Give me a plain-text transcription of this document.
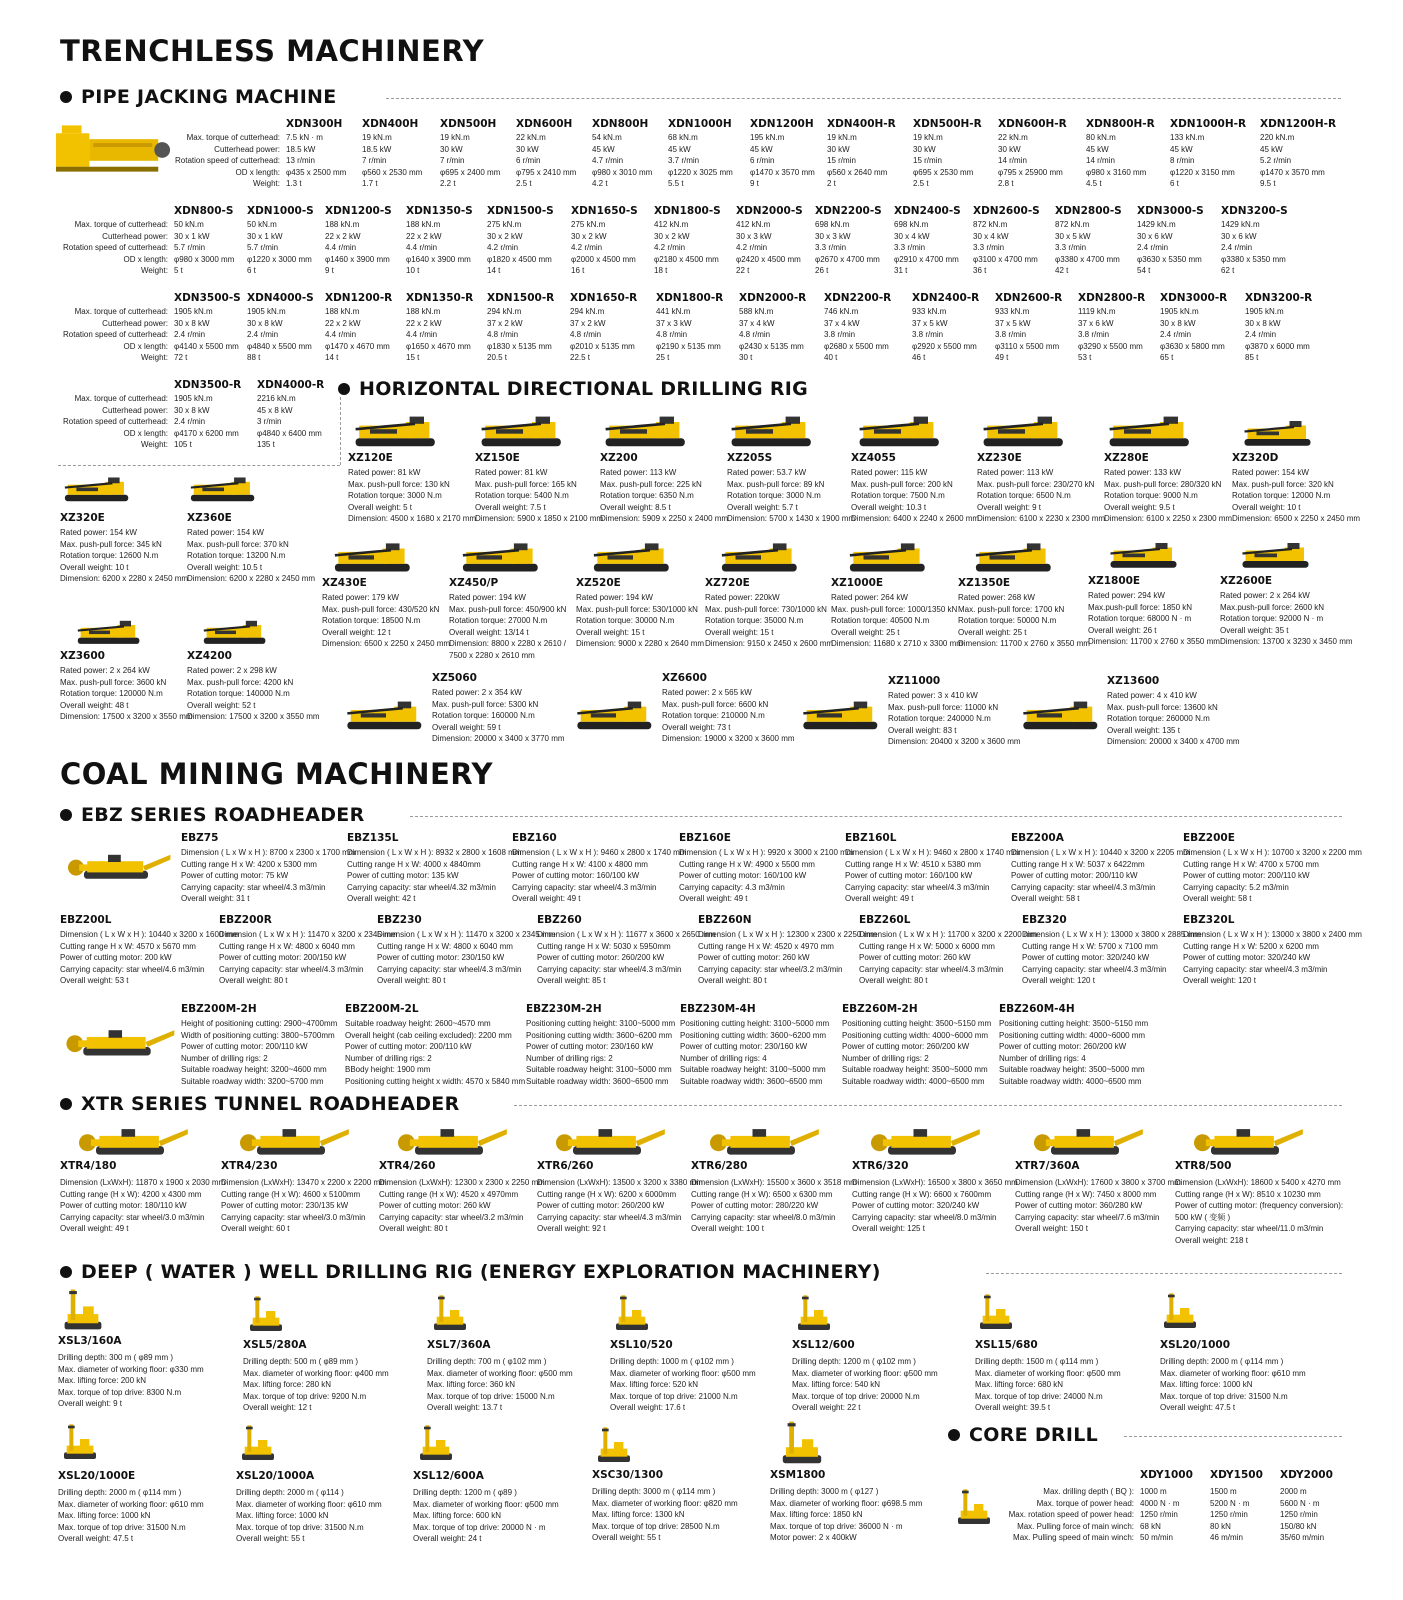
TRENCHLESS MACHINERY
PIPE JACKING MACHINE
Max. torque of cutterhead:
Cutterhead power:
Rotation speed of cutterhead:
OD x length:
Weight:
XDN300H
7.5 kN · m
18.5 kW
13 r/min
φ435 x 2500 mm
1.3 t
XDN400H
19 kN.m
18.5 kW
7 r/min
φ560 x 2530 mm
1.7 t
XDN500H
19 kN.m
30 kW
7 r/min
φ695 x 2400 mm
2.2 t
XDN600H
22 kN.m
30 kW
6 r/min
φ795 x 2410 mm
2.5 t
XDN800H
54 kN.m
45 kW
4.7 r/min
φ980 x 3010 mm
4.2 t
XDN1000H
68 kN.m
45 kW
3.7 r/min
φ1220 x 3025 mm
5.5 t
XDN1200H
195 kN.m
45 kW
6 r/min
φ1470 x 3570 mm
9 t
XDN400H-R
19 kN.m
30 kW
15 r/min
φ560 x 2640 mm
2 t
XDN500H-R
19 kN.m
30 kW
15 r/min
φ695 x 2530 mm
2.5 t
XDN600H-R
22 kN.m
30 kW
14 r/min
φ795 x 25900 mm
2.8 t
XDN800H-R
80 kN.m
45 kW
14 r/min
φ980 x 3160 mm
4.5 t
XDN1000H-R
133 kN.m
45 kW
8 r/min
φ1220 x 3150 mm
6 t
XDN1200H-R
220 kN.m
45 kW
5.2 r/min
φ1470 x 3570 mm
9.5 t
Max. torque of cutterhead:
Cutterhead power:
Rotation speed of cutterhead:
OD x length:
Weight:
XDN800-S
50 kN.m
30 x 1 kW
5.7 r/min
φ980 x 3000 mm
5 t
XDN1000-S
50 kN.m
30 x 1 kW
5.7 r/min
φ1220 x 3000 mm
6 t
XDN1200-S
188 kN.m
22 x 2 kW
4.4 r/min
φ1460 x 3900 mm
9 t
XDN1350-S
188 kN.m
22 x 2 kW
4.4 r/min
φ1640 x 3900 mm
10 t
XDN1500-S
275 kN.m
30 x 2 kW
4.2 r/min
φ1820 x 4500 mm
14 t
XDN1650-S
275 kN.m
30 x 2 kW
4.2 r/min
φ2000 x 4500 mm
16 t
XDN1800-S
412 kN.m
30 x 2 kW
4.2 r/min
φ2180 x 4500 mm
18 t
XDN2000-S
412 kN.m
30 x 3 kW
4.2 r/min
φ2420 x 4500 mm
22 t
XDN2200-S
698 kN.m
30 x 3 kW
3.3 r/min
φ2670 x 4700 mm
26 t
XDN2400-S
698 kN.m
30 x 4 kW
3.3 r/min
φ2910 x 4700 mm
31 t
XDN2600-S
872 kN.m
30 x 4 kW
3.3 r/min
φ3100 x 4700 mm
36 t
XDN2800-S
872 kN.m
30 x 5 kW
3.3 r/min
φ3380 x 4700 mm
42 t
XDN3000-S
1429 kN.m
30 x 6 kW
2.4 r/min
φ3630 x 5350 mm
54 t
XDN3200-S
1429 kN.m
30 x 6 kW
2.4 r/min
φ3380 x 5350 mm
62 t
Max. torque of cutterhead:
Cutterhead power:
Rotation speed of cutterhead:
OD x length:
Weight:
XDN3500-S
1905 kN.m
30 x 8 kW
2.4 r/min
φ4140 x 5500 mm
72 t
XDN4000-S
1905 kN.m
30 x 8 kW
2.4 r/min
φ4840 x 5500 mm
88 t
XDN1200-R
188 kN.m
22 x 2 kW
4.4 r/min
φ1470 x 4670 mm
14 t
XDN1350-R
188 kN.m
22 x 2 kW
4.4 r/min
φ1650 x 4670 mm
15 t
XDN1500-R
294 kN.m
37 x 2 kW
4.8 r/min
φ1830 x 5135 mm
20.5 t
XDN1650-R
294 kN.m
37 x 2 kW
4.8 r/min
φ2010 x 5135 mm
22.5 t
XDN1800-R
441 kN.m
37 x 3 kW
4.8 r/min
φ2190 x 5135 mm
25 t
XDN2000-R
588 kN.m
37 x 4 kW
4.8 r/min
φ2430 x 5135 mm
30 t
XDN2200-R
746 kN.m
37 x 4 kW
3.8 r/min
φ2680 x 5500 mm
40 t
XDN2400-R
933 kN.m
37 x 5 kW
3.8 r/min
φ2920 x 5500 mm
46 t
XDN2600-R
933 kN.m
37 x 5 kW
3.8 r/min
φ3110 x 5500 mm
49 t
XDN2800-R
1119 kN.m
37 x 6 kW
3.8 r/min
φ3290 x 5500 mm
53 t
XDN3000-R
1905 kN.m
30 x 8 kW
2.4 r/min
φ3630 x 5800 mm
65 t
XDN3200-R
1905 kN.m
30 x 8 kW
2.4 r/min
φ3870 x 6000 mm
85 t
Max. torque of cutterhead:
Cutterhead power:
Rotation speed of cutterhead:
OD x length:
Weight:
XDN3500-R
1905 kN.m
30 x 8 kW
2.4 r/min
φ4170 x 6200 mm
105 t
XDN4000-R
2216 kN.m
45 x 8 kW
3 r/min
φ4840 x 6400 mm
135 t
HORIZONTAL DIRECTIONAL DRILLING RIG
XZ120E
Rated power: 81 kW
Max. push-pull force: 130 kN
Rotation torque: 3000 N.m
Overall weight: 5 t
Dimension: 4500 x 1680 x 2170 mm
XZ150E
Rated power: 81 kW
Max. push-pull force: 165 kN
Rotation torque: 5400 N.m
Overall weight: 7.5 t
Dimension: 5900 x 1850 x 2100 mm
XZ200
Rated power: 113 kW
Max. push-pull force: 225 kN
Rotation torque: 6350 N.m
Overall weight: 8.5 t
Dimension: 5909 x 2250 x 2400 mm
XZ205S
Rated power: 53.7 kW
Max. push-pull force: 89 kN
Rotation torque: 3000 N.m
Overall weight: 5.7 t
Dimension: 5700 x 1430 x 1900 mm
XZ4055
Rated power: 115 kW
Max. push-pull force: 200 kN
Rotation torque: 7500 N.m
Overall weight: 10.3 t
Dimension: 6400 x 2240 x 2600 mm
XZ230E
Rated power: 113 kW
Max. push-pull force: 230/270 kN
Rotation torque: 6500 N.m
Overall weight: 9 t
Dimension: 6100 x 2230 x 2300 mm
XZ280E
Rated power: 133 kW
Max. push-pull force: 280/320 kN
Rotation torque: 9000 N.m
Overall weight: 9.5 t
Dimension: 6100 x 2250 x 2300 mm
XZ320D
Rated power: 154 kW
Max. push-pull force: 320 kN
Rotation torque: 12000 N.m
Overall weight: 10 t
Dimension: 6500 x 2250 x 2450 mm
XZ320E
Rated power: 154 kW
Max. push-pull force: 345 kN
Rotation torque: 12600 N.m
Overall weight: 10 t
Dimension: 6200 x 2280 x 2450 mm
XZ360E
Rated power: 154 kW
Max. push-pull force: 370 kN
Rotation torque: 13200 N.m
Overall weight: 10.5 t
Dimension: 6200 x 2280 x 2450 mm XZ430E
Rated power: 179 kW
Max. push-pull force: 430/520 kN
Rotation torque: 18500 N.m
Overall weight: 12 t
Dimension: 6500 x 2250 x 2450 mm
XZ450/P
Rated power: 194 kW
Max. push-pull force: 450/900 kN
Rotation torque: 27000 N.m
Overall weight: 13/14 t
Dimension: 8800 x 2280 x 2610 /
7500 x 2280 x 2610 mm
XZ520E
Rated power: 194 kW
Max. push-pull force: 530/1000 kN
Rotation torque: 30000 N.m
Overall weight: 15 t
Dimension: 9000 x 2280 x 2640 mm
XZ720E
Rated power: 220kW
Max. push-pull force: 730/1000 kN
Rotation torque: 35000 N.m
Overall weight: 15 t
Dimension: 9150 x 2450 x 2600 mm
XZ1000E
Rated power: 264 kW
Max. push-pull force: 1000/1350 kN
Rotation torque: 40500 N.m
Overall weight: 25 t
Dimension: 11680 x 2710 x 3300 mm
XZ1350E
Rated power: 268 kW
Max. push-pull force: 1700 kN
Rotation torque: 50000 N.m
Overall weight: 25 t
Dimension: 11700 x 2760 x 3550 mm
XZ1800E
Rated power: 294 kW
Max.push-pull force: 1850 kN
Rotation torque: 68000 N · m
Overall weight: 26 t
Dimension: 11700 x 2760 x 3550 mm
XZ2600E
Rated power: 2 x 264 kW
Max.push-pull force: 2600 kN
Rotation torque: 92000 N · m
Overall weight: 35 t
Dimension: 13700 x 3230 x 3450 mm
XZ3600
Rated power: 2 x 264 kW
Max. push-pull force: 3600 kN
Rotation torque: 120000 N.m
Overall weight: 48 t
Dimension: 17500 x 3200 x 3550 mm
XZ4200
Rated power: 2 x 298 kW
Max. push-pull force: 4200 kN
Rotation torque: 140000 N.m
Overall weight: 52 t
Dimension: 17500 x 3200 x 3550 mm
XZ5060
Rated power: 2 x 354 kW
Max. push-pull force: 5300 kN
Rotation torque: 160000 N.m
Overall weight: 59 t
Dimension: 20000 x 3400 x 3770 mm
XZ6600
Rated power: 2 x 565 kW
Max. push-pull force: 6600 kN
Rotation torque: 210000 N.m
Overall weight: 73 t
Dimension: 19000 x 3200 x 3600 mm
XZ11000
Rated power: 3 x 410 kW
Max. push-pull force: 11000 kN
Rotation torque: 240000 N.m
Overall weight: 83 t
Dimension: 20400 x 3200 x 3600 mm
XZ13600
Rated power: 4 x 410 kW
Max. push-pull force: 13600 kN
Rotation torque: 260000 N.m
Overall weight: 135 t
Dimension: 20000 x 3400 x 4700 mm
COAL MINING MACHINERY
EBZ SERIES ROADHEADER
EBZ75
Dimension ( L x W x H ): 8700 x 2300 x 1700 mm
Cutting range H x W: 4200 x 5300 mm
Power of cutting motor: 75 kW
Carrying capacity: star wheel/4.3 m3/min
Overall weight: 31 t
EBZ135L
Dimension ( L x W x H ): 8932 x 2800 x 1608 mm
Cutting range H x W: 4000 x 4840mm
Power of cutting motor: 135 kW
Carrying capacity: star wheel/4.32 m3/min
Overall weight: 42 t
EBZ160
Dimension ( L x W x H ): 9460 x 2800 x 1740 mm
Cutting range H x W: 4100 x 4800 mm
Power of cutting motor: 160/100 kW
Carrying capacity: star wheel/4.3 m3/min
Overall weight: 49 t
EBZ160E
Dimension ( L x W x H ): 9920 x 3000 x 2100 mm
Cutting range H x W: 4900 x 5500 mm
Power of cutting motor: 160/100 kW
Carrying capacity: 4.3 m3/min
Overall weight: 49 t
EBZ160L
Dimension ( L x W x H ): 9460 x 2800 x 1740 mm
Cutting range H x W: 4510 x 5380 mm
Power of cutting motor: 160/100 kW
Carrying capacity: star wheel/4.3 m3/min
Overall weight: 49 t
EBZ200A
Dimension ( L x W x H ): 10440 x 3200 x 2205 mm
Cutting range H x W: 5037 x 6422mm
Power of cutting motor: 200/110 kW
Carrying capacity: star wheel/4.3 m3/min
Overall weight: 58 t
EBZ200E
Dimension ( L x W x H ): 10700 x 3200 x 2200 mm
Cutting range H x W: 4700 x 5700 mm
Power of cutting motor: 200/110 kW
Carrying capacity: 5.2 m3/min
Overall weight: 58 t
EBZ200L
Dimension ( L x W x H ): 10440 x 3200 x 1600 mm
Cutting range H x W: 4570 x 5670 mm
Power of cutting motor: 200 kW
Carrying capacity: star wheel/4.6 m3/min
Overall weight: 53 t
EBZ200R
Dimension ( L x W x H ): 11470 x 3200 x 2345 mm
Cutting range H x W: 4800 x 6040 mm
Power of cutting motor: 200/150 kW
Carrying capacity: star wheel/4.3 m3/min
Overall weight: 80 t
EBZ230
Dimension ( L x W x H ): 11470 x 3200 x 2345 mm
Cutting range H x W: 4800 x 6040 mm
Power of cutting motor: 230/150 kW
Carrying capacity: star wheel/4.3 m3/min
Overall weight: 80 t
EBZ260
Dimension ( L x W x H ): 11677 x 3600 x 2650 mm
Cutting range H x W: 5030 x 5950mm
Power of cutting motor: 260/200 kW
Carrying capacity: star wheel/4.3 m3/min
Overall weight: 85 t
EBZ260N
Dimension ( L x W x H ): 12300 x 2300 x 2250 mm
Cutting range H x W: 4520 x 4970 mm
Power of cutting motor: 260 kW
Carrying capacity: star wheel/3.2 m3/min
Overall weight: 80 t
EBZ260L
Dimension ( L x W x H ): 11700 x 3200 x 2200 mm
Cutting range H x W: 5000 x 6000 mm
Power of cutting motor: 260 kW
Carrying capacity: star wheel/4.3 m3/min
Overall weight: 80 t
EBZ320
Dimension ( L x W x H ): 13000 x 3800 x 2885 mm
Cutting range H x W: 5700 x 7100 mm
Power of cutting motor: 320/240 kW
Carrying capacity: star wheel/4.3 m3/min
Overall weight: 120 t
EBZ320L
Dimension ( L x W x H ): 13000 x 3800 x 2400 mm
Cutting range H x W: 5200 x 6200 mm
Power of cutting motor: 320/240 kW
Carrying capacity: star wheel/4.3 m3/min
Overall weight: 120 t
EBZ200M-2H
Height of positioning cutting: 2900~4700mm
Width of positioning cutting: 3800~5700mm
Power of cutting motor: 200/110 kW
Number of drilling rigs: 2
Suitable roadway height: 3200~4600 mm
Suitable roadway width: 3200~5700 mm
EBZ200M-2L
Suitable roadway height: 2600~4570 mm
Overall height (cab ceiling excluded): 2200 mm
Power of cutting motor: 200/110 kW
Number of drilling rigs: 2
BBody height: 1900 mm
Positioning cutting height x width: 4570 x 5840 mm
EBZ230M-2H
Positioning cutting height: 3100~5000 mm
Positioning cutting width: 3600~6200 mm
Power of cutting motor: 230/160 kW
Number of drilling rigs: 2
Suitable roadway height: 3100~5000 mm
Suitable roadway width: 3600~6500 mm
EBZ230M-4H
Positioning cutting height: 3100~5000 mm
Positioning cutting width: 3600~6200 mm
Power of cutting motor: 230/160 kW
Number of drilling rigs: 4
Suitable roadway height: 3100~5000 mm
Suitable roadway width: 3600~6500 mm
EBZ260M-2H
Positioning cutting height: 3500~5150 mm
Positioning cutting width: 4000~6000 mm
Power of cutting motor: 260/200 kW
Number of drilling rigs: 2
Suitable roadway height: 3500~5000 mm
Suitable roadway width: 4000~6500 mm
EBZ260M-4H
Positioning cutting height: 3500~5150 mm
Positioning cutting width: 4000~6000 mm
Power of cutting motor: 260/200 kW
Number of drilling rigs: 4
Suitable roadway height: 3500~5000 mm
Suitable roadway width: 4000~6500 mm
XTR SERIES TUNNEL ROADHEADER
XTR4/180
Dimension (LxWxH): 11870 x 1900 x 2030 mm
Cutting range (H x W): 4200 x 4300 mm
Power of cutting motor: 180/110 kW
Carrying capacity: star wheel/3.0 m3/min
Overall weight: 49 t
XTR4/230
Dimension (LxWxH): 13470 x 2200 x 2200 mm
Cutting range (H x W): 4600 x 5100mm
Power of cutting motor: 230/135 kW
Carrying capacity: star wheel/3.0 m3/min
Overall weight: 60 t
XTR4/260
Dimension (LxWxH): 12300 x 2300 x 2250 mm
Cutting range (H x W): 4520 x 4970mm
Power of cutting motor: 260 kW
Carrying capacity: star wheel/3.2 m3/min
Overall weight: 80 t
XTR6/260
Dimension (LxWxH): 13500 x 3200 x 3380 mm
Cutting range (H x W): 6200 x 6000mm
Power of cutting motor: 260/200 kW
Carrying capacity: star wheel/4.3 m3/min
Overall weight: 92 t
XTR6/280
Dimension (LxWxH): 15500 x 3600 x 3518 mm
Cutting range (H x W): 6500 x 6300 mm
Power of cutting motor: 280/220 kW
Carrying capacity: star wheel/8.0 m3/min
Overall weight: 100 t
XTR6/320
Dimension (LxWxH): 16500 x 3800 x 3650 mm
Cutting range (H x W): 6600 x 7600mm
Power of cutting motor: 320/240 kW
Carrying capacity: star wheel/8.0 m3/min
Overall weight: 125 t
XTR7/360A
Dimension (LxWxH): 17600 x 3800 x 3700 mm
Cutting range (H x W): 7450 x 8000 mm
Power of cutting motor: 360/280 kW
Carrying capacity: star wheel/7.6 m3/min
Overall weight: 150 t
XTR8/500
Dimension (LxWxH): 18600 x 5400 x 4270 mm
Cutting range (H x W): 8510 x 10230 mm
Power of cutting motor: (frequency conversion):
500 kW ( 变频 )
Carrying capacity: star wheel/11.0 m3/min
Overall weight: 218 t
DEEP ( WATER ) WELL DRILLING RIG (ENERGY EXPLORATION MACHINERY)
XSL3/160A
Drilling depth: 300 m ( φ89 mm )
Max. diameter of working floor: φ330 mm
Max. lifting force: 200 kN
Max. torque of top drive: 8300 N.m
Overall weight: 9 t
XSL5/280A
Drilling depth: 500 m ( φ89 mm )
Max. diameter of working floor: φ400 mm
Max. lifting force: 280 kN
Max. torque of top drive: 9200 N.m
Overall weight: 12 t
XSL7/360A
Drilling depth: 700 m ( φ102 mm )
Max. diameter of working floor: φ500 mm
Max. lifting force: 360 kN
Max. torque of top drive: 15000 N.m
Overall weight: 13.7 t
XSL10/520
Drilling depth: 1000 m ( φ102 mm )
Max. diameter of working floor: φ500 mm
Max. lifting force: 520 kN
Max. torque of top drive: 21000 N.m
Overall weight: 17.6 t
XSL12/600
Drilling depth: 1200 m ( φ102 mm )
Max. diameter of working floor: φ500 mm
Max. lifting force: 540 kN
Max. torque of top drive: 20000 N.m
Overall weight: 22 t
XSL15/680
Drilling depth: 1500 m ( φ114 mm )
Max. diameter of working floor: φ500 mm
Max. lifting force: 680 kN
Max. torque of top drive: 24000 N.m
Overall weight: 39.5 t
XSL20/1000
Drilling depth: 2000 m ( φ114 mm )
Max. diameter of working floor: φ610 mm
Max. lifting force: 1000 kN
Max. torque of top drive: 31500 N.m
Overall weight: 47.5 t
XSL20/1000E
Drilling depth: 2000 m ( φ114 mm )
Max. diameter of working floor: φ610 mm
Max. lifting force: 1000 kN
Max. torque of top drive: 31500 N.m
Overall weight: 47.5 t
XSL20/1000A
Drilling depth: 2000 m ( φ114 )
Max. diameter of working floor: φ610 mm
Max. lifting force: 1000 kN
Max. torque of top drive: 31500 N.m
Overall weight: 55 t
XSL12/600A
Drilling depth: 1200 m ( φ89 )
Max. diameter of working floor: φ500 mm
Max. lifting force: 600 kN
Max. torque of top drive: 20000 N · m
Overall weight: 24 t
XSC30/1300
Drilling depth: 3000 m ( φ114 mm )
Max. diameter of working floor: φ820 mm
Max. lifting force: 1300 kN
Max. torque of top drive: 28500 N.m
Overall weight: 55 t
XSM1800
Drilling depth: 3000 m ( φ127 )
Max. diameter of working floor: φ698.5 mm
Max. lifting force: 1850 kN
Max. torque of top drive: 36000 N · m
Motor power: 2 x 400kW
CORE DRILL
XDY1000 XDY1500 XDY2000
Max. drilling depth ( BQ ):
Max. torque of power head:
Max. rotation speed of power head:
Max. Pulling force of main winch:
Max. Pulling speed of main winch:
1000 m
4000 N · m
1250 r/min
68 kN
50 m/min
1500 m
5200 N · m
1250 r/min
80 kN
46 m/min
2000 m
5600 N · m
1250 r/min
150/80 kN
35/60 m/min
